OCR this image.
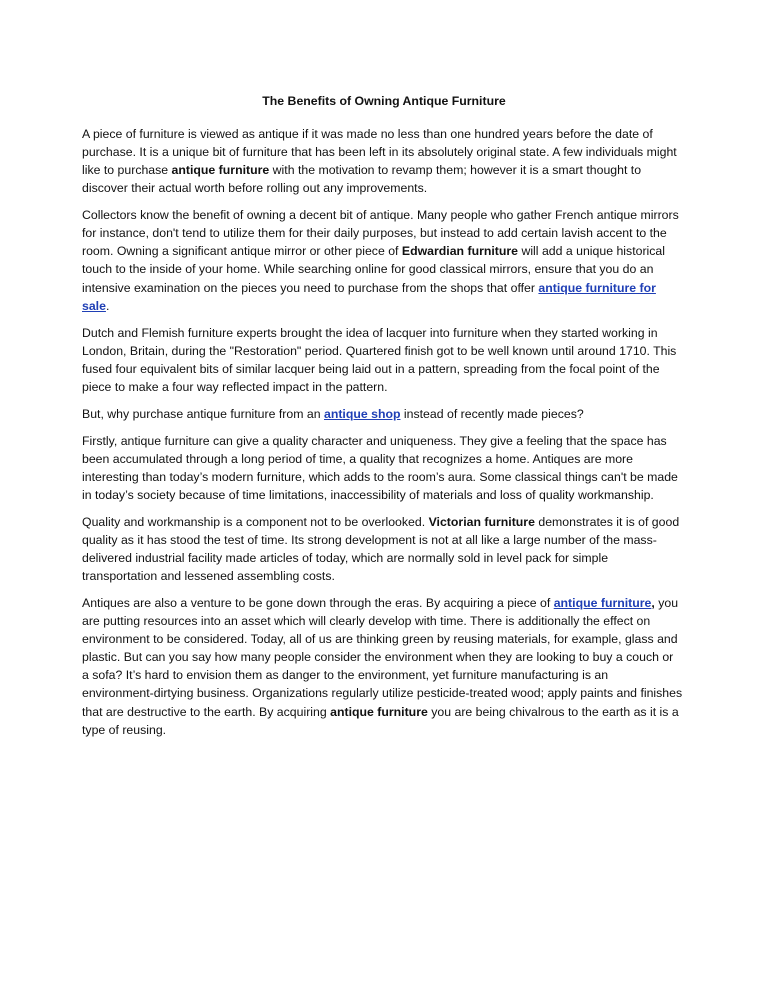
The Benefits of Owning Antique Furniture

A piece of furniture is viewed as antique if it was made no less than one hundred years before the date of purchase. It is a unique bit of furniture that has been left in its absolutely original state. A few individuals might like to purchase antique furniture with the motivation to revamp them; however it is a smart thought to discover their actual worth before rolling out any improvements.

Collectors know the benefit of owning a decent bit of antique. Many people who gather French antique mirrors for instance, don't tend to utilize them for their daily purposes, but instead to add certain lavish accent to the room. Owning a significant antique mirror or other piece of Edwardian furniture will add a unique historical touch to the inside of your home. While searching online for good classical mirrors, ensure that you do an intensive examination on the pieces you need to purchase from the shops that offer antique furniture for sale.

Dutch and Flemish furniture experts brought the idea of lacquer into furniture when they started working in London, Britain, during the "Restoration" period. Quartered finish got to be well known until around 1710. This fused four equivalent bits of similar lacquer being laid out in a pattern, spreading from the focal point of the piece to make a four way reflected impact in the pattern.

But, why purchase antique furniture from an antique shop instead of recently made pieces?

Firstly, antique furniture can give a quality character and uniqueness. They give a feeling that the space has been accumulated through a long period of time, a quality that recognizes a home. Antiques are more interesting than today’s modern furniture, which adds to the room’s aura. Some classical things can't be made in today’s society because of time limitations, inaccessibility of materials and loss of quality workmanship.

Quality and workmanship is a component not to be overlooked. Victorian furniture demonstrates it is of good quality as it has stood the test of time. Its strong development is not at all like a large number of the mass-delivered industrial facility made articles of today, which are normally sold in level pack for simple transportation and lessened assembling costs.

Antiques are also a venture to be gone down through the eras. By acquiring a piece of antique furniture, you are putting resources into an asset which will clearly develop with time. There is additionally the effect on environment to be considered. Today, all of us are thinking green by reusing materials, for example, glass and plastic. But can you say how many people consider the environment when they are looking to buy a couch or a sofa? It’s hard to envision them as danger to the environment, yet furniture manufacturing is an environment-dirtying business. Organizations regularly utilize pesticide-treated wood; apply paints and finishes that are destructive to the earth. By acquiring antique furniture you are being chivalrous to the earth as it is a type of reusing.
